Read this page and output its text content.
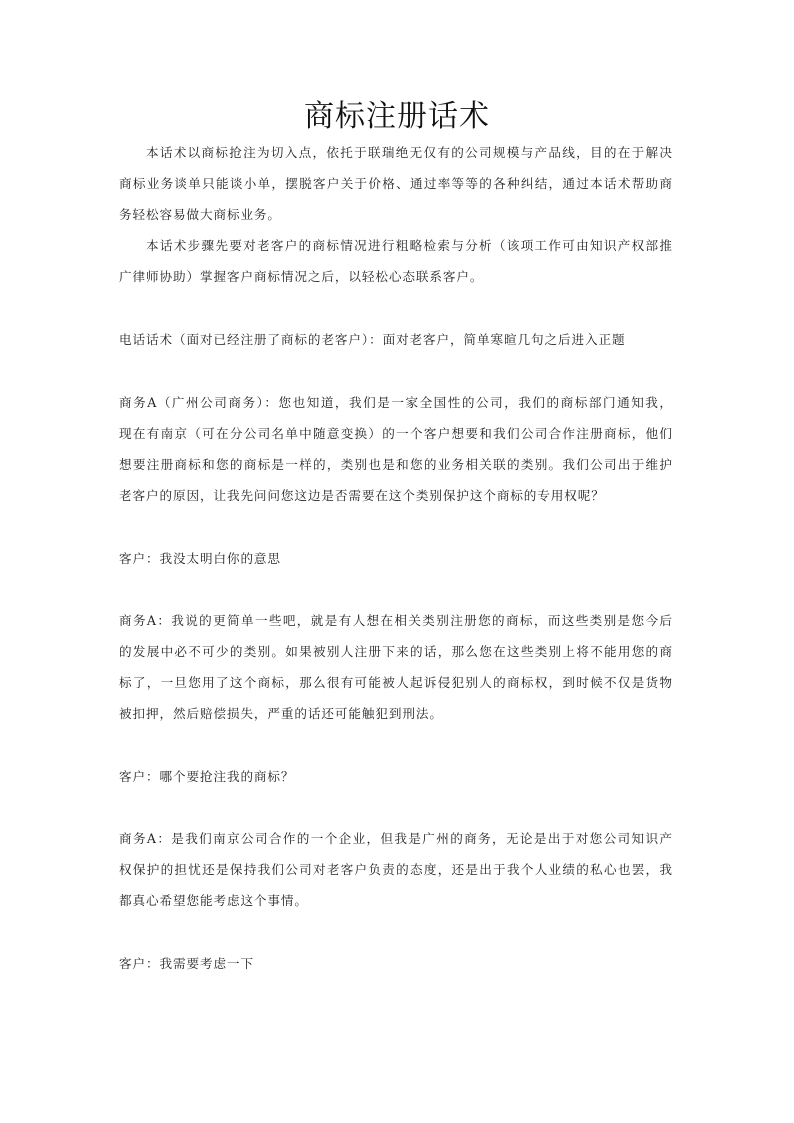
商标注册话术
本话术以商标抢注为切入点，依托于联瑞绝无仅有的公司规模与产品线，目的在于解决
商标业务谈单只能谈小单，摆脱客户关于价格、通过率等等的各种纠结，通过本话术帮助商
务轻松容易做大商标业务。
本话术步骤先要对老客户的商标情况进行粗略检索与分析（该项工作可由知识产权部推
广律师协助）掌握客户商标情况之后，以轻松心态联系客户。
电话话术（面对已经注册了商标的老客户）：面对老客户，简单寒暄几句之后进入正题
商务A（广州公司商务）：您也知道，我们是一家全国性的公司，我们的商标部门通知我，
现在有南京（可在分公司名单中随意变换）的一个客户想要和我们公司合作注册商标，他们
想要注册商标和您的商标是一样的，类别也是和您的业务相关联的类别。我们公司出于维护
老客户的原因，让我先问问您这边是否需要在这个类别保护这个商标的专用权呢？
客户：我没太明白你的意思
商务A：我说的更简单一些吧，就是有人想在相关类别注册您的商标，而这些类别是您今后
的发展中必不可少的类别。如果被别人注册下来的话，那么您在这些类别上将不能用您的商
标了，一旦您用了这个商标，那么很有可能被人起诉侵犯别人的商标权，到时候不仅是货物
被扣押，然后赔偿损失，严重的话还可能触犯到刑法。
客户：哪个要抢注我的商标？
商务A：是我们南京公司合作的一个企业，但我是广州的商务，无论是出于对您公司知识产
权保护的担忧还是保持我们公司对老客户负责的态度，还是出于我个人业绩的私心也罢，我
都真心希望您能考虑这个事情。
客户：我需要考虑一下
